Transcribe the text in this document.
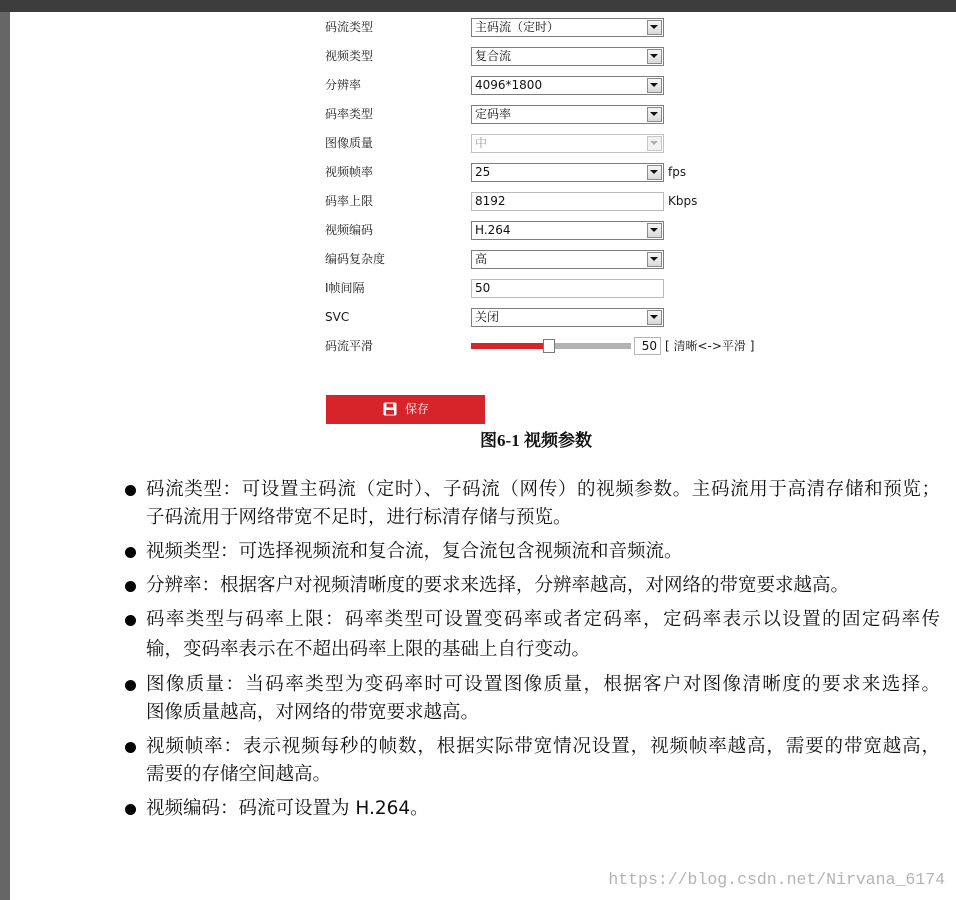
码流类型	主码流（定时）
视频类型	复合流
分辨率	4096*1800
码率类型	定码率
图像质量	中
视频帧率	25	fps
码率上限	8192	Kbps
视频编码	H.264
编码复杂度	高
I帧间隔	50
SVC	关闭
码流平滑	50 [ 清晰<->平滑 ]
保存
图6-1 视频参数
码流类型：可设置主码流（定时）、子码流（网传）的视频参数。主码流用于高清存储和预览；
子码流用于网络带宽不足时，进行标清存储与预览。
视频类型：可选择视频流和复合流，复合流包含视频流和音频流。
分辨率：根据客户对视频清晰度的要求来选择，分辨率越高，对网络的带宽要求越高。
码率类型与码率上限：码率类型可设置变码率或者定码率，定码率表示以设置的固定码率传
输，变码率表示在不超出码率上限的基础上自行变动。
图像质量：当码率类型为变码率时可设置图像质量，根据客户对图像清晰度的要求来选择。
图像质量越高，对网络的带宽要求越高。
视频帧率：表示视频每秒的帧数，根据实际带宽情况设置，视频帧率越高，需要的带宽越高，
需要的存储空间越高。
视频编码：码流可设置为 H.264。
https://blog.csdn.net/Nirvana_6174
